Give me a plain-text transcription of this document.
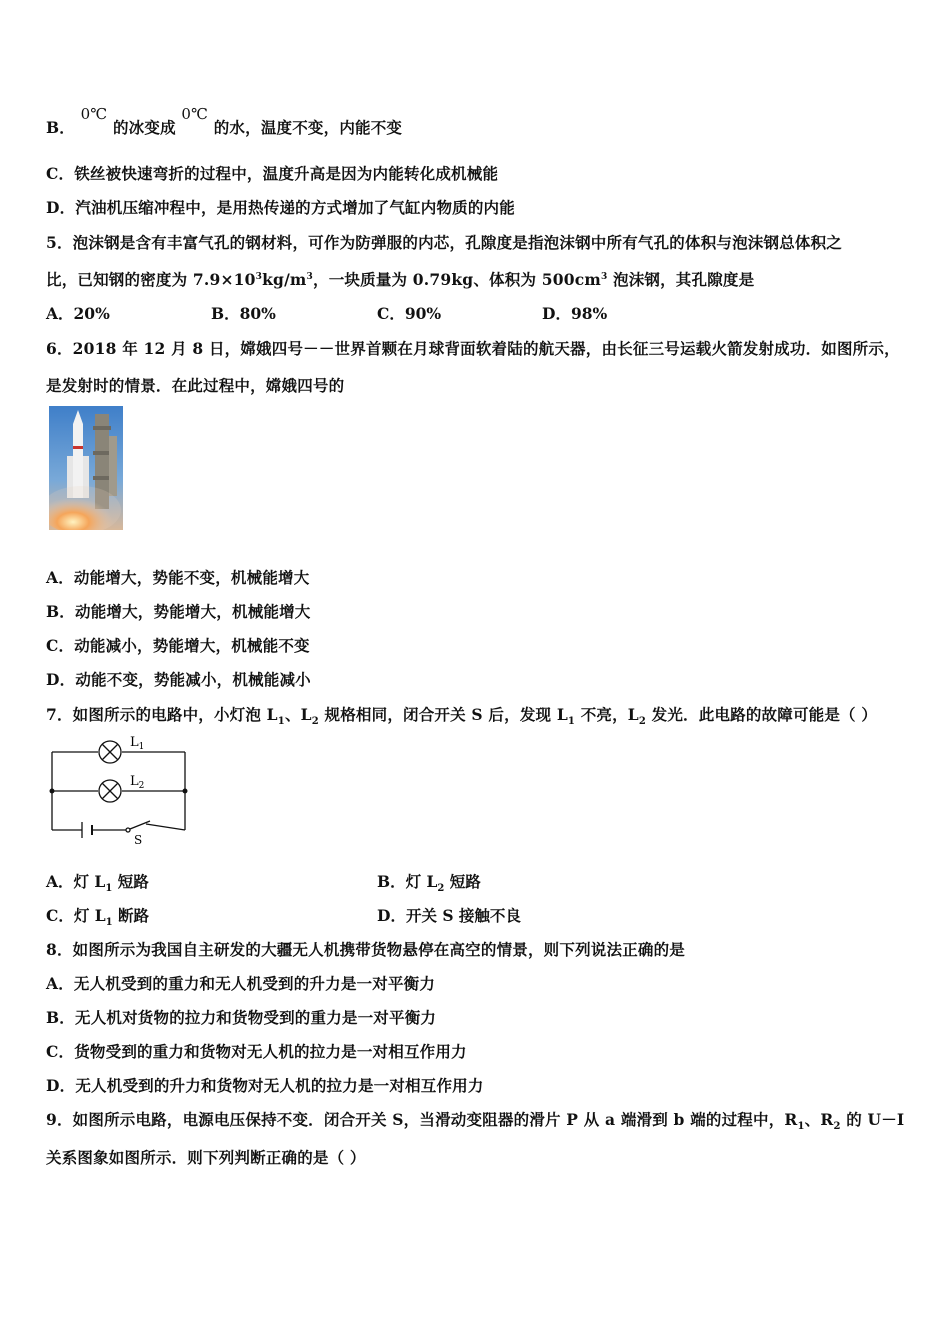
B． 0℃ 的冰变成 0℃ 的水，温度不变，内能不变
C．铁丝被快速弯折的过程中，温度升高是因为内能转化成机械能
D．汽油机压缩冲程中，是用热传递的方式增加了气缸内物质的内能
5．泡沫钢是含有丰富气孔的钢材料，可作为防弹服的内芯，孔隙度是指泡沫钢中所有气孔的体积与泡沫钢总体积之
比，已知钢的密度为 $7.9\times 10^3kg/m^3$，一块质量为 0.79kg、体积为 $500cm^3$ 泡沫钢，其孔隙度是
A．20%	B．80%	C．90%	D．98%
6．2018 年 12 月 8 日，嫦娥四号－－世界首颗在月球背面软着陆的航天器，由长征三号运载火箭发射成功．如图所示，
是发射时的情景．在此过程中，嫦娥四号的
A．动能增大，势能不变，机械能增大
B．动能增大，势能增大，机械能增大
C．动能减小，势能增大，机械能不变
D．动能不变，势能减小，机械能减小
7．如图所示的电路中，小灯泡 $L_1$、$L_2$ 规格相同，闭合开关 S 后，发现 $L_1$ 不亮，$L_2$ 发光．此电路的故障可能是（ ）
$L_1$
$L_2$
S
A．灯 $L_1$ 短路	B．灯 $L_2$ 短路
C．灯 $L_1$ 断路	D．开关 S 接触不良
8．如图所示为我国自主研发的大疆无人机携带货物悬停在高空的情景，则下列说法正确的是
A．无人机受到的重力和无人机受到的升力是一对平衡力
B．无人机对货物的拉力和货物受到的重力是一对平衡力
C．货物受到的重力和货物对无人机的拉力是一对相互作用力
D．无人机受到的升力和货物对无人机的拉力是一对相互作用力
9．如图所示电路，电源电压保持不变．闭合开关 S，当滑动变阻器的滑片 P 从 a 端滑到 b 端的过程中，$R_1$、$R_2$ 的 U－I
关系图象如图所示．则下列判断正确的是（ ）
